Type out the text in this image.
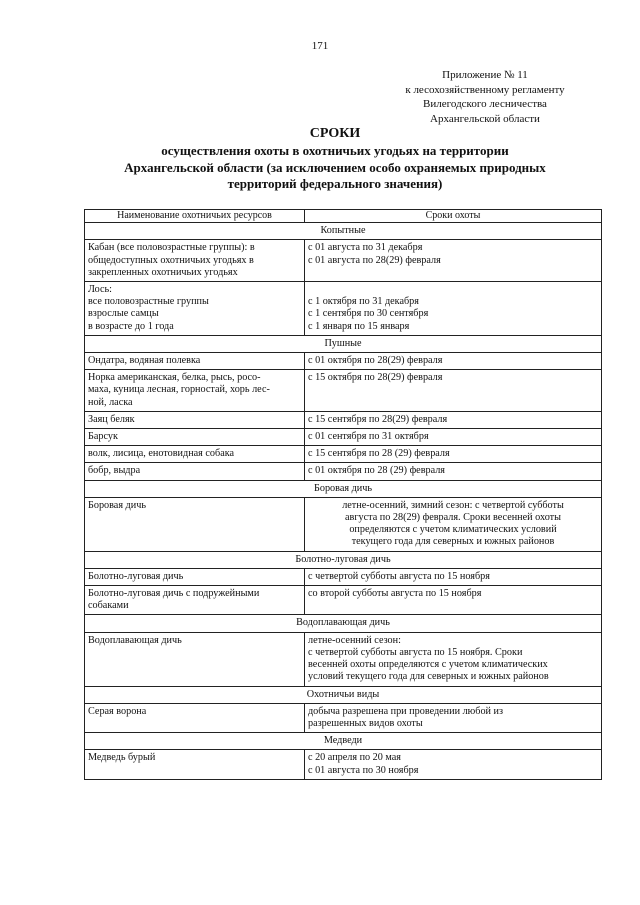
171
Приложение № 11
к лесохозяйственному регламенту
Вилегодского лесничества
Архангельской области
СРОКИ
осуществления охоты в охотничьих угодьях на территории
Архангельской области (за исключением особо охраняемых природных
территорий федерального значения)
Наименование охотничьих ресурсов	Сроки охоты
Копытные	

Кабан (все половозрастные группы): в
общедоступных охотничьих угодьях в
закрепленных охотничьих угодьях	с 01 августа по 31 декабря
с 01 августа по 28(29) февраля

Лось:
все половозрастные группы
взрослые самцы
в возрасте до 1 года	с 1 октября по 31 декабря
с 1 сентября по 30 сентября
с 1 января по 15 января

Пушные	
Ондатра, водяная полевка	с 01 октября по 28(29) февраля

Норка американская, белка, рысь, росо-
маха, куница лесная, горностай, хорь лес-
ной, ласка	с 15 октября по 28(29) февраля
Заяц беляк	с 15 сентября по 28(29) февраля
Барсук	с 01 сентября по 31 октября
волк, лисица, енотовидная собака	с 15 сентября по 28 (29) февраля
бобр, выдра	с 01 октября по 28 (29) февраля
Боровая дичь	
Боровая дичь	летне-осенний, зимний сезон: с четвертой субботы
августа по 28(29) февраля. Сроки весенней охоты
определяются с учетом климатических условий
текущего года для северных и южных районов

Болотно-луговая дичь	
Болотно-луговая дичь	с четвертой субботы августа по 15 ноября

Болотно-луговая дичь с подружейными
собаками	со второй субботы августа по 15 ноября
Водоплавающая дичь	
Водоплавающая дичь	летне-осенний сезон:
с четвертой субботы августа по 15 ноября. Сроки
весенней охоты определяются с учетом климатических
условий текущего года для северных и южных районов

Охотничьи виды	
Серая ворона	добыча разрешена при проведении любой из
разрешенных видов охоты

Медведи	
Медведь бурый	с 20 апреля по 20 мая
с 01 августа по 30 ноября
